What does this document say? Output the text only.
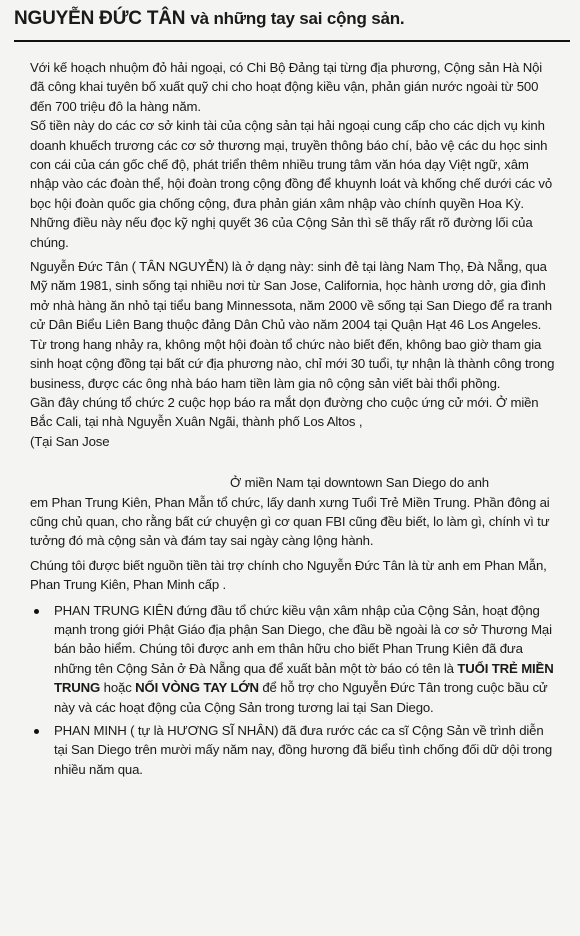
NGUYỄN ĐỨC TÂN và những tay sai cộng sản.

Với kế hoạch nhuộm đỏ hải ngoại, có Chi Bộ Đảng tại từng địa phương, Cộng sản Hà Nội đã công khai tuyên bố xuất quỹ chi cho hoạt động kiều vận, phản gián nước ngoài từ 500 đến 700 triệu đô la hàng năm.

Số tiền này do các cơ sở kinh tài của cộng sản tại hải ngoại cung cấp cho các dịch vụ kinh doanh khuếch trương các cơ sở thương mại, truyền thông báo chí, bảo vệ các du học sinh con cái của cán gốc chế độ, phát triển thêm nhiều trung tâm văn hóa dạy Việt ngữ, xâm nhập vào các đoàn thể, hội đoàn trong cộng đồng để khuynh loát và khống chế dưới các vỏ bọc hội đoàn quốc gia chống cộng, đưa phản gián xâm nhập vào chính quyền Hoa Kỳ. Những điều này nếu đọc kỹ nghị quyết 36 của Cộng Sản thì sẽ thấy rất rõ đường lối của chúng.

Nguyễn Đức Tân ( TÂN NGUYỄN) là ở dạng này: sinh đẻ tại làng Nam Thọ, Đà Nẵng, qua Mỹ năm 1981, sinh sống tại nhiều nơi từ San Jose, California, học hành ương dở, gia đình mở nhà hàng ăn nhỏ tại tiểu bang Minnessota, năm 2000 về sống tại San Diego để ra tranh cử Dân Biểu Liên Bang thuộc đảng Dân Chủ vào năm 2004 tại Quận Hạt 46 Los Angeles.

Từ trong hang nhảy ra, không một hội đoàn tổ chức nào biết đến, không bao giờ tham gia sinh hoạt cộng đồng tại bất cứ địa phương nào, chỉ mới 30 tuổi, tự nhận là thành công trong business, được các ông nhà báo ham tiền làm gia nô cộng sản viết bài thổi phồng.

Gần đây chúng tổ chức 2 cuộc họp báo ra mắt dọn đường cho cuộc ứng cử mới. Ở miền Bắc Cali, tại nhà Nguyễn Xuân Ngãi, thành phố Los Altos ,

(Tại San Jose

Ở miền Nam tại downtown San Diego do anh

em Phan Trung Kiên, Phan Mẫn tổ chức, lấy danh xưng Tuổi Trẻ Miền Trung. Phần đông ai cũng chủ quan, cho rằng bất cứ chuyện gì cơ quan FBI cũng đều biết, lo làm gì, chính vì tư tưởng đó mà cộng sản và đám tay sai ngày càng lộng hành.

Chúng tôi được biết nguồn tiền tài trợ chính cho Nguyễn Đức Tân là từ anh em Phan Mẫn, Phan Trung Kiên, Phan Minh cấp .

PHAN TRUNG KIÊN đứng đầu tổ chức kiều vận xâm nhập của Cộng Sản, hoạt động mạnh trong giới Phật Giáo địa phận San Diego, che đầu bề ngoài là cơ sở Thương Mại bán bảo hiểm. Chúng tôi được anh em thân hữu cho biết Phan Trung Kiên đã đưa những tên Cộng Sản ở Đà Nẵng qua để xuất bản một tờ báo có tên là TUỔI TRẺ MIỀN TRUNG hoặc NỐI VÒNG TAY LỚN để hỗ trợ cho Nguyễn Đức Tân trong cuộc bầu cử này và các hoạt động của Cộng Sản trong tương lai tại San Diego.
PHAN MINH ( tự là HƯƠNG SĨ NHÂN) đã đưa rước các ca sĩ Cộng Sản về trình diễn tại San Diego trên mười mấy năm nay, đồng hương đã biểu tình chống đối dữ dội trong nhiều năm qua.
